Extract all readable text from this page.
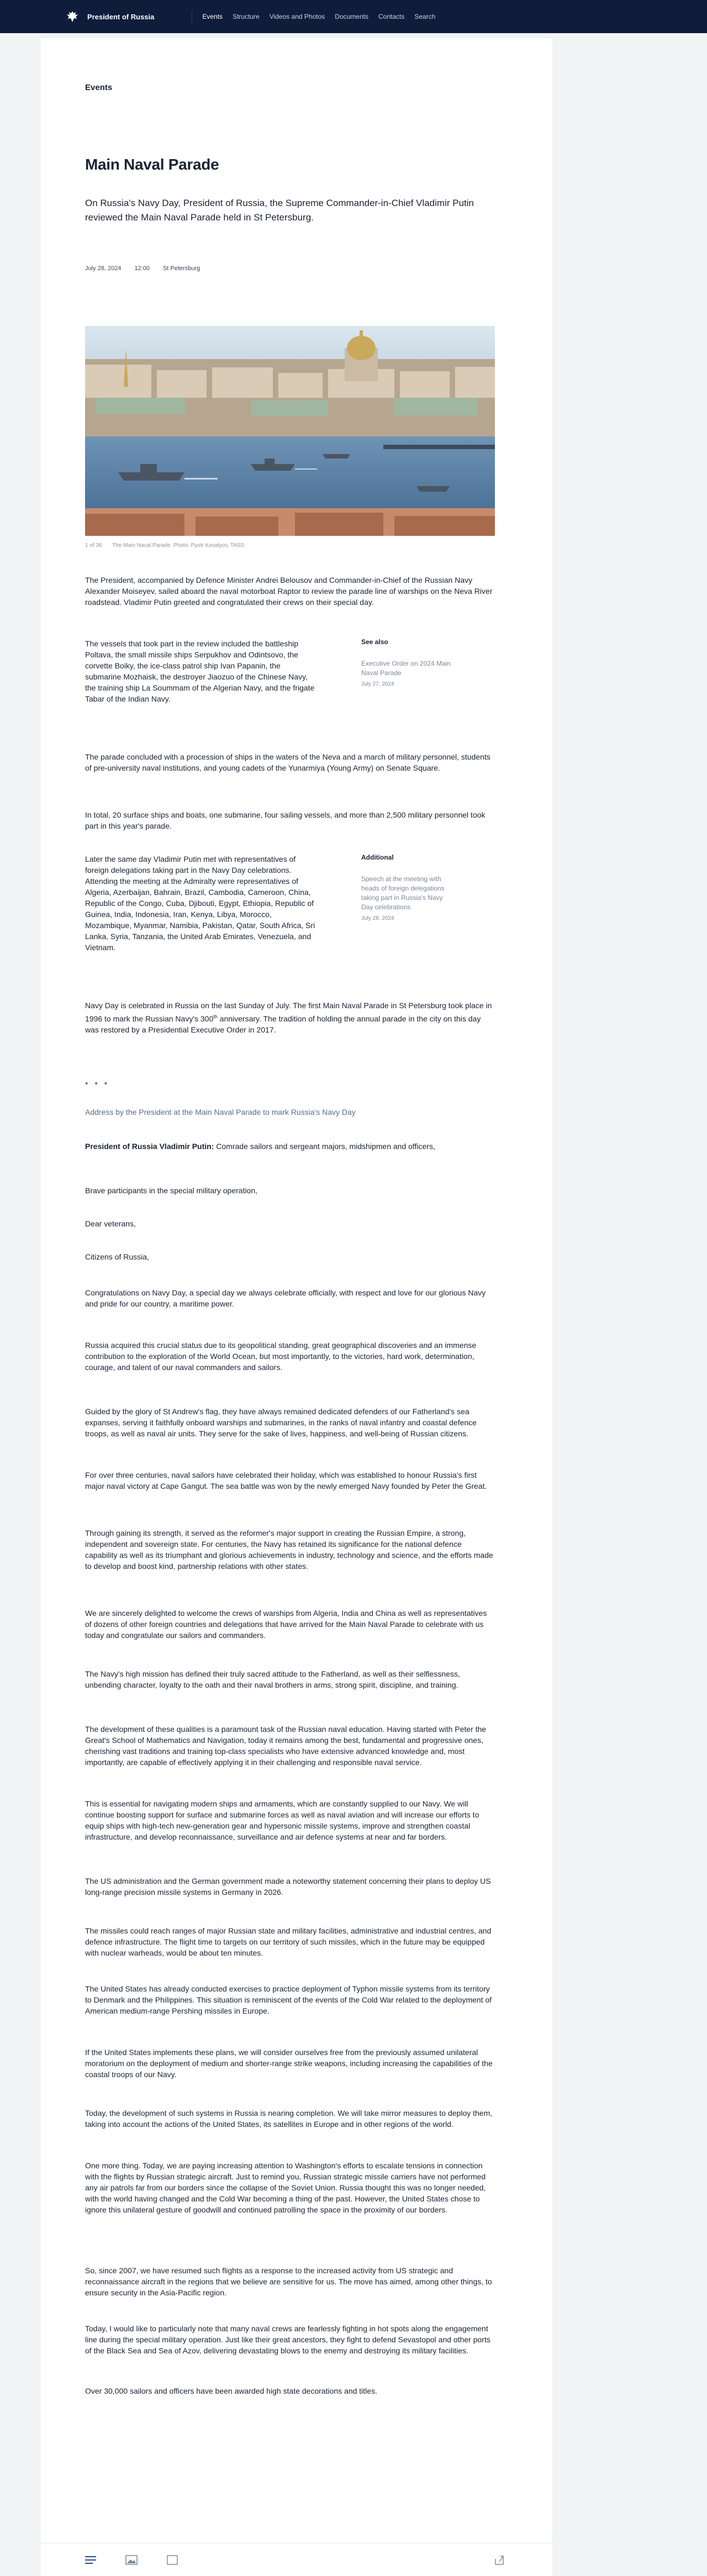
President of Russia	Events Structure Videos and Photos Documents Contacts Search
Events
Main Naval Parade

On Russia's Navy Day, President of Russia, the Supreme Commander-in-Chief Vladimir Putin reviewed the Main Naval Parade held in St Petersburg.

July 28, 2024 12:00 St Petersburg
1 of 36 The Main Naval Parade. Photo: Pyotr Kovalyov, TASS

The President, accompanied by Defence Minister Andrei Belousov and Commander-in-Chief of the Russian Navy Alexander Moiseyev, sailed aboard the naval motorboat Raptor to review the parade line of warships on the Neva River roadstead. Vladimir Putin greeted and congratulated their crews on their special day.

The vessels that took part in the review included the battleship Poltava, the small missile ships Serpukhov and Odintsovo, the corvette Boiky, the ice-class patrol ship Ivan Papanin, the submarine Mozhaisk, the destroyer Jiaozuo of the Chinese Navy, the training ship La Soummam of the Algerian Navy, and the frigate Tabar of the Indian Navy.

See also
Executive Order on 2024 Main Naval Parade
July 27, 2024

The parade concluded with a procession of ships in the waters of the Neva and a march of military personnel, students of pre-university naval institutions, and young cadets of the Yunarmiya (Young Army) on Senate Square.

In total, 20 surface ships and boats, one submarine, four sailing vessels, and more than 2,500 military personnel took part in this year's parade.

Later the same day Vladimir Putin met with representatives of foreign delegations taking part in the Navy Day celebrations. Attending the meeting at the Admiralty were representatives of Algeria, Azerbaijan, Bahrain, Brazil, Cambodia, Cameroon, China, Republic of the Congo, Cuba, Djibouti, Egypt, Ethiopia, Republic of Guinea, India, Indonesia, Iran, Kenya, Libya, Morocco, Mozambique, Myanmar, Namibia, Pakistan, Qatar, South Africa, Sri Lanka, Syria, Tanzania, the United Arab Emirates, Venezuela, and Vietnam.

Additional
Speech at the meeting with heads of foreign delegations taking part in Russia's Navy Day celebrations
July 28, 2024

Navy Day is celebrated in Russia on the last Sunday of July. The first Main Naval Parade in St Petersburg took place in 1996 to mark the Russian Navy's 300th anniversary. The tradition of holding the annual parade in the city on this day was restored by a Presidential Executive Order in 2017.

* * *
Address by the President at the Main Naval Parade to mark Russia's Navy Day

President of Russia Vladimir Putin: Comrade sailors and sergeant majors, midshipmen and officers,

Brave participants in the special military operation,

Dear veterans,

Citizens of Russia,

Congratulations on Navy Day, a special day we always celebrate officially, with respect and love for our glorious Navy and pride for our country, a maritime power.

Russia acquired this crucial status due to its geopolitical standing, great geographical discoveries and an immense contribution to the exploration of the World Ocean, but most importantly, to the victories, hard work, determination, courage, and talent of our naval commanders and sailors.

Guided by the glory of St Andrew's flag, they have always remained dedicated defenders of our Fatherland's sea expanses, serving it faithfully onboard warships and submarines, in the ranks of naval infantry and coastal defence troops, as well as naval air units. They serve for the sake of lives, happiness, and well-being of Russian citizens.

For over three centuries, naval sailors have celebrated their holiday, which was established to honour Russia's first major naval victory at Cape Gangut. The sea battle was won by the newly emerged Navy founded by Peter the Great.

Through gaining its strength, it served as the reformer's major support in creating the Russian Empire, a strong, independent and sovereign state. For centuries, the Navy has retained its significance for the national defence capability as well as its triumphant and glorious achievements in industry, technology and science, and the efforts made to develop and boost kind, partnership relations with other states.

We are sincerely delighted to welcome the crews of warships from Algeria, India and China as well as representatives of dozens of other foreign countries and delegations that have arrived for the Main Naval Parade to celebrate with us today and congratulate our sailors and commanders.

The Navy's high mission has defined their truly sacred attitude to the Fatherland, as well as their selflessness, unbending character, loyalty to the oath and their naval brothers in arms, strong spirit, discipline, and training.

The development of these qualities is a paramount task of the Russian naval education. Having started with Peter the Great's School of Mathematics and Navigation, today it remains among the best, fundamental and progressive ones, cherishing vast traditions and training top-class specialists who have extensive advanced knowledge and, most importantly, are capable of effectively applying it in their challenging and responsible naval service.

This is essential for navigating modern ships and armaments, which are constantly supplied to our Navy. We will continue boosting support for surface and submarine forces as well as naval aviation and will increase our efforts to equip ships with high-tech new-generation gear and hypersonic missile systems, improve and strengthen coastal infrastructure, and develop reconnaissance, surveillance and air defence systems at near and far borders.

The US administration and the German government made a noteworthy statement concerning their plans to deploy US long-range precision missile systems in Germany in 2026.

The missiles could reach ranges of major Russian state and military facilities, administrative and industrial centres, and defence infrastructure. The flight time to targets on our territory of such missiles, which in the future may be equipped with nuclear warheads, would be about ten minutes.

The United States has already conducted exercises to practice deployment of Typhon missile systems from its territory to Denmark and the Philippines. This situation is reminiscent of the events of the Cold War related to the deployment of American medium-range Pershing missiles in Europe.

If the United States implements these plans, we will consider ourselves free from the previously assumed unilateral moratorium on the deployment of medium and shorter-range strike weapons, including increasing the capabilities of the coastal troops of our Navy.

Today, the development of such systems in Russia is nearing completion. We will take mirror measures to deploy them, taking into account the actions of the United States, its satellites in Europe and in other regions of the world.

One more thing. Today, we are paying increasing attention to Washington's efforts to escalate tensions in connection with the flights by Russian strategic aircraft. Just to remind you, Russian strategic missile carriers have not performed any air patrols far from our borders since the collapse of the Soviet Union. Russia thought this was no longer needed, with the world having changed and the Cold War becoming a thing of the past. However, the United States chose to ignore this unilateral gesture of goodwill and continued patrolling the space in the proximity of our borders.

So, since 2007, we have resumed such flights as a response to the increased activity from US strategic and reconnaissance aircraft in the regions that we believe are sensitive for us. The move has aimed, among other things, to ensure security in the Asia-Pacific region.

Today, I would like to particularly note that many naval crews are fearlessly fighting in hot spots along the engagement line during the special military operation. Just like their great ancestors, they fight to defend Sevastopol and other ports of the Black Sea and Sea of Azov, delivering devastating blows to the enemy and destroying its military facilities.

Over 30,000 sailors and officers have been awarded high state decorations and titles.
